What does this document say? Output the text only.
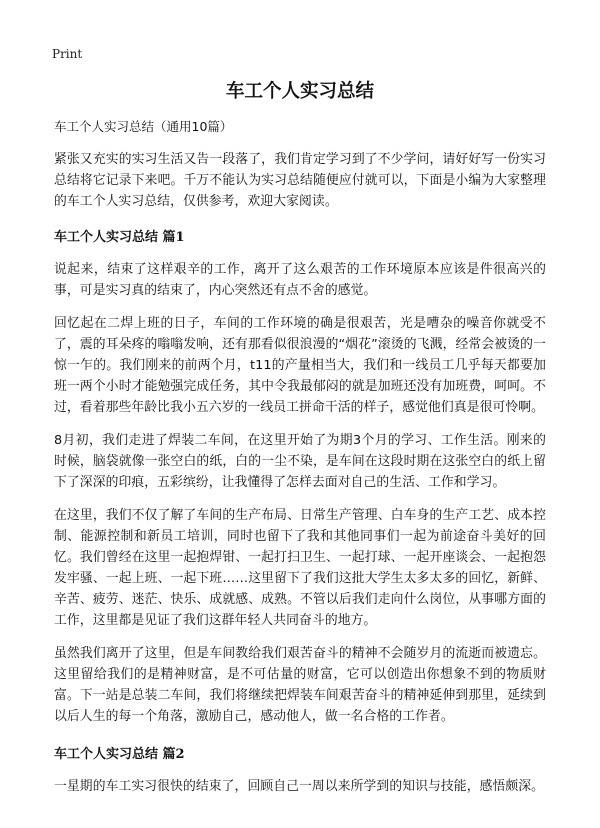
Print
车工个人实习总结
车工个人实习总结（通用10篇）

紧张又充实的实习生活又告一段落了，我们肯定学习到了不少学问，请好好写一份实习总结将它记录下来吧。千万不能认为实习总结随便应付就可以，下面是小编为大家整理的车工个人实习总结，仅供参考，欢迎大家阅读。

车工个人实习总结 篇1

说起来，结束了这样艰辛的工作，离开了这么艰苦的工作环境原本应该是件很高兴的事，可是实习真的结束了，内心突然还有点不舍的感觉。

回忆起在二焊上班的日子，车间的工作环境的确是很艰苦，光是嘈杂的噪音你就受不了，震的耳朵疼的嗡嗡发响，还有那看似很浪漫的“烟花”滚烫的飞溅，经常会被烫的一惊一乍的。我们刚来的前两个月，t11的产量相当大，我们和一线员工几乎每天都要加班一两个小时才能勉强完成任务，其中令我最郁闷的就是加班还没有加班费，呵呵。不过，看着那些年龄比我小五六岁的一线员工拼命干活的样子，感觉他们真是很可怜啊。

8月初，我们走进了焊装二车间，在这里开始了为期3个月的学习、工作生活。刚来的时候，脑袋就像一张空白的纸，白的一尘不染，是车间在这段时期在这张空白的纸上留下了深深的印痕，五彩缤纷，让我懂得了怎样去面对自己的生活、工作和学习。

在这里，我们不仅了解了车间的生产布局、日常生产管理、白车身的生产工艺、成本控制、能源控制和新员工培训，同时也留下了我和其他同事们一起为前途奋斗美好的回忆。我们曾经在这里一起抱焊钳、一起打扫卫生、一起打球、一起开座谈会、一起抱怨发牢骚、一起上班、一起下班……这里留下了我们这批大学生太多太多的回忆，新鲜、辛苦、疲劳、迷茫、快乐、成就感、成熟。不管以后我们走向什么岗位，从事哪方面的工作，这里都是见证了我们这群年轻人共同奋斗的地方。

虽然我们离开了这里，但是车间教给我们艰苦奋斗的精神不会随岁月的流逝而被遗忘。这里留给我们的是精神财富，是不可估量的财富，它可以创造出你想象不到的物质财富。下一站是总装二车间，我们将继续把焊装车间艰苦奋斗的精神延伸到那里，延续到以后人生的每一个角落，激励自己，感动他人，做一名合格的工作者。

车工个人实习总结 篇2

一星期的车工实习很快的结束了，回顾自己一周以来所学到的知识与技能，感悟颇深。
